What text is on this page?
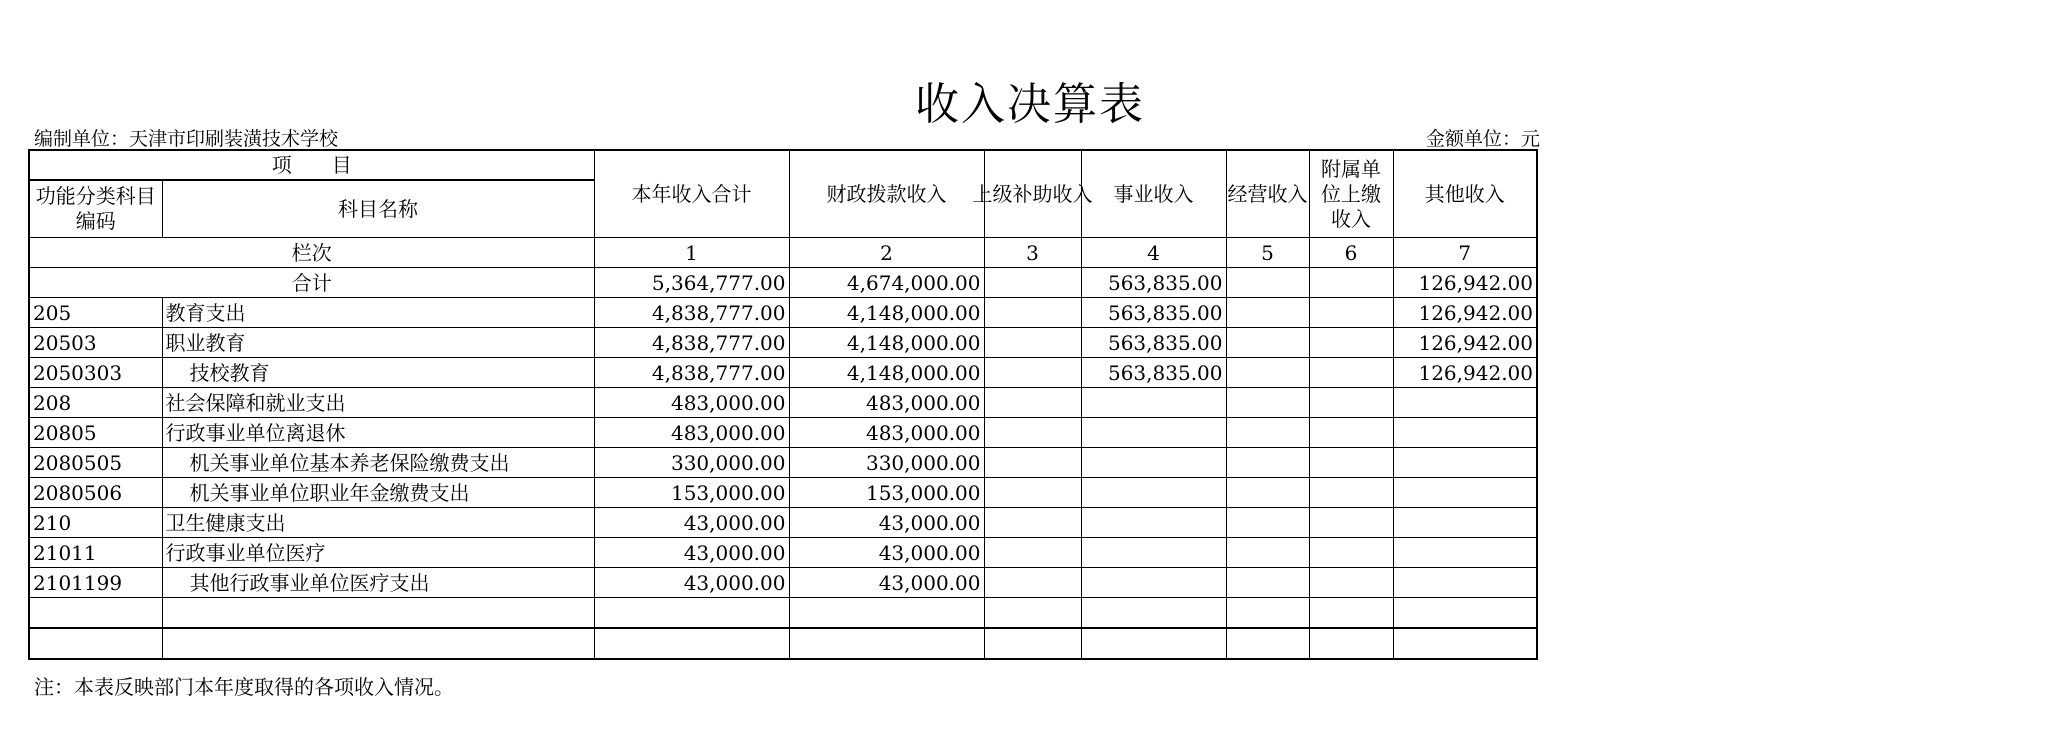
收入决算表
编制单位：天津市印刷装潢技术学校	金额单位：元
项　　目		本年收入合计	财政拨款收入	上级补助收入	事业收入	经营收入	附属单位上缴收入	其他收入
功能分类科目编码	科目名称							
栏次		1	2	3	4	5	6	7
合计		5,364,777.00	4,674,000.00		563,835.00			126,942.00
205	教育支出	4,838,777.00	4,148,000.00		563,835.00			126,942.00
20503	职业教育	4,838,777.00	4,148,000.00		563,835.00			126,942.00
2050303	技校教育	4,838,777.00	4,148,000.00		563,835.00			126,942.00
208	社会保障和就业支出	483,000.00	483,000.00					
20805	行政事业单位离退休	483,000.00	483,000.00					
2080505	机关事业单位基本养老保险缴费支出	330,000.00	330,000.00					
2080506	机关事业单位职业年金缴费支出	153,000.00	153,000.00					
210	卫生健康支出	43,000.00	43,000.00					
21011	行政事业单位医疗	43,000.00	43,000.00					
2101199	其他行政事业单位医疗支出	43,000.00	43,000.00					

注：本表反映部门本年度取得的各项收入情况。
